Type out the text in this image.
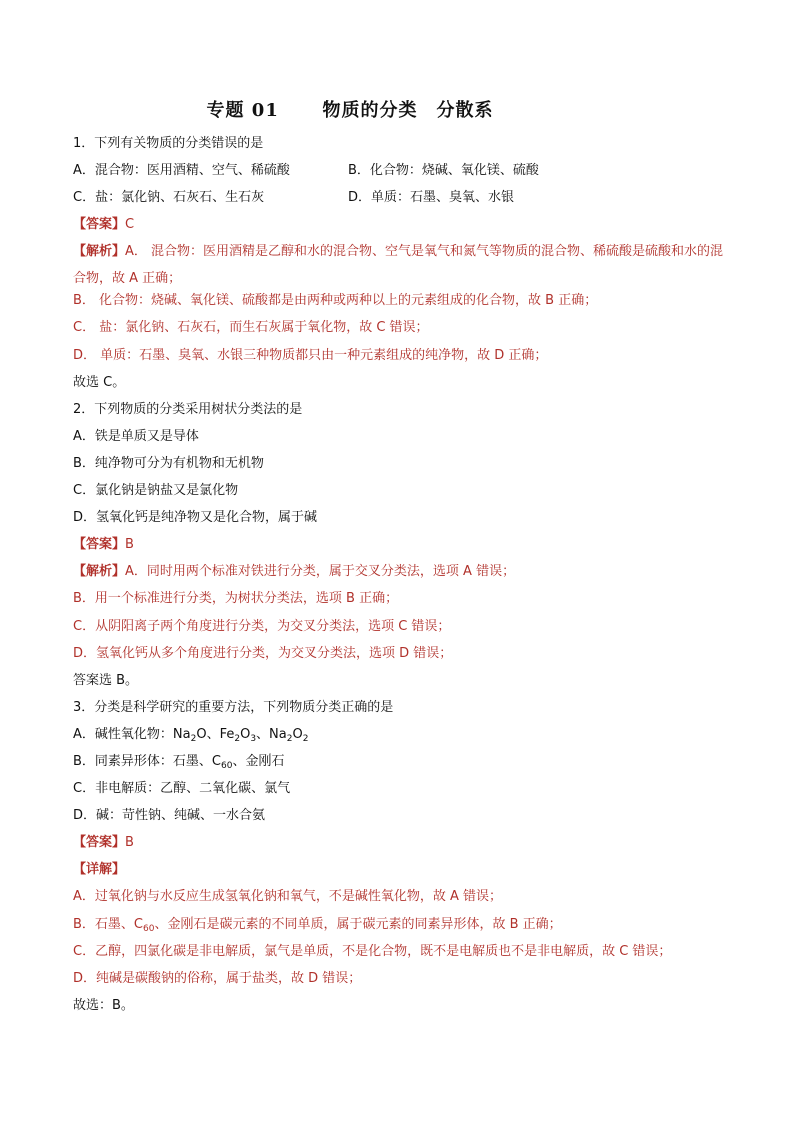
专题 01 物质的分类　分散系
1．下列有关物质的分类错误的是
A．混合物：医用酒精、空气、稀硫酸	B．化合物：烧碱、氧化镁、硫酸
C．盐：氯化钠、石灰石、生石灰	D．单质：石墨、臭氧、水银
【答案】C
【解析】A． 混合物：医用酒精是乙醇和水的混合物、空气是氧气和氮气等物质的混合物、稀硫酸是硫酸和水的混合物，故 A 正确；
B． 化合物：烧碱、氧化镁、硫酸都是由两种或两种以上的元素组成的化合物，故 B 正确；
C． 盐：氯化钠、石灰石，而生石灰属于氧化物，故 C 错误；
D． 单质：石墨、臭氧、水银三种物质都只由一种元素组成的纯净物，故 D 正确；
故选 C。
2．下列物质的分类采用树状分类法的是
A．铁是单质又是导体
B．纯净物可分为有机物和无机物
C．氯化钠是钠盐又是氯化物
D．氢氧化钙是纯净物又是化合物，属于碱
【答案】B
【解析】A．同时用两个标准对铁进行分类，属于交叉分类法，选项 A 错误；
B．用一个标准进行分类，为树状分类法，选项 B 正确；
C．从阴阳离子两个角度进行分类，为交叉分类法，选项 C 错误；
D．氢氧化钙从多个角度进行分类，为交叉分类法，选项 D 错误；
答案选 B。
3．分类是科学研究的重要方法，下列物质分类正确的是
A．碱性氧化物：$Na_2O$、$Fe_2O_3$、$Na_2O_2$
B．同素异形体：石墨、$C_{60}$、金刚石
C．非电解质：乙醇、二氧化碳、氯气
D．碱：苛性钠、纯碱、一水合氨
【答案】B
【详解】
A．过氧化钠与水反应生成氢氧化钠和氧气，不是碱性氧化物，故 A 错误；
B．石墨、$C_{60}$、金刚石是碳元素的不同单质，属于碳元素的同素异形体，故 B 正确；
C．乙醇，四氯化碳是非电解质，氯气是单质，不是化合物，既不是电解质也不是非电解质，故 C 错误；
D．纯碱是碳酸钠的俗称，属于盐类，故 D 错误；
故选：B。
